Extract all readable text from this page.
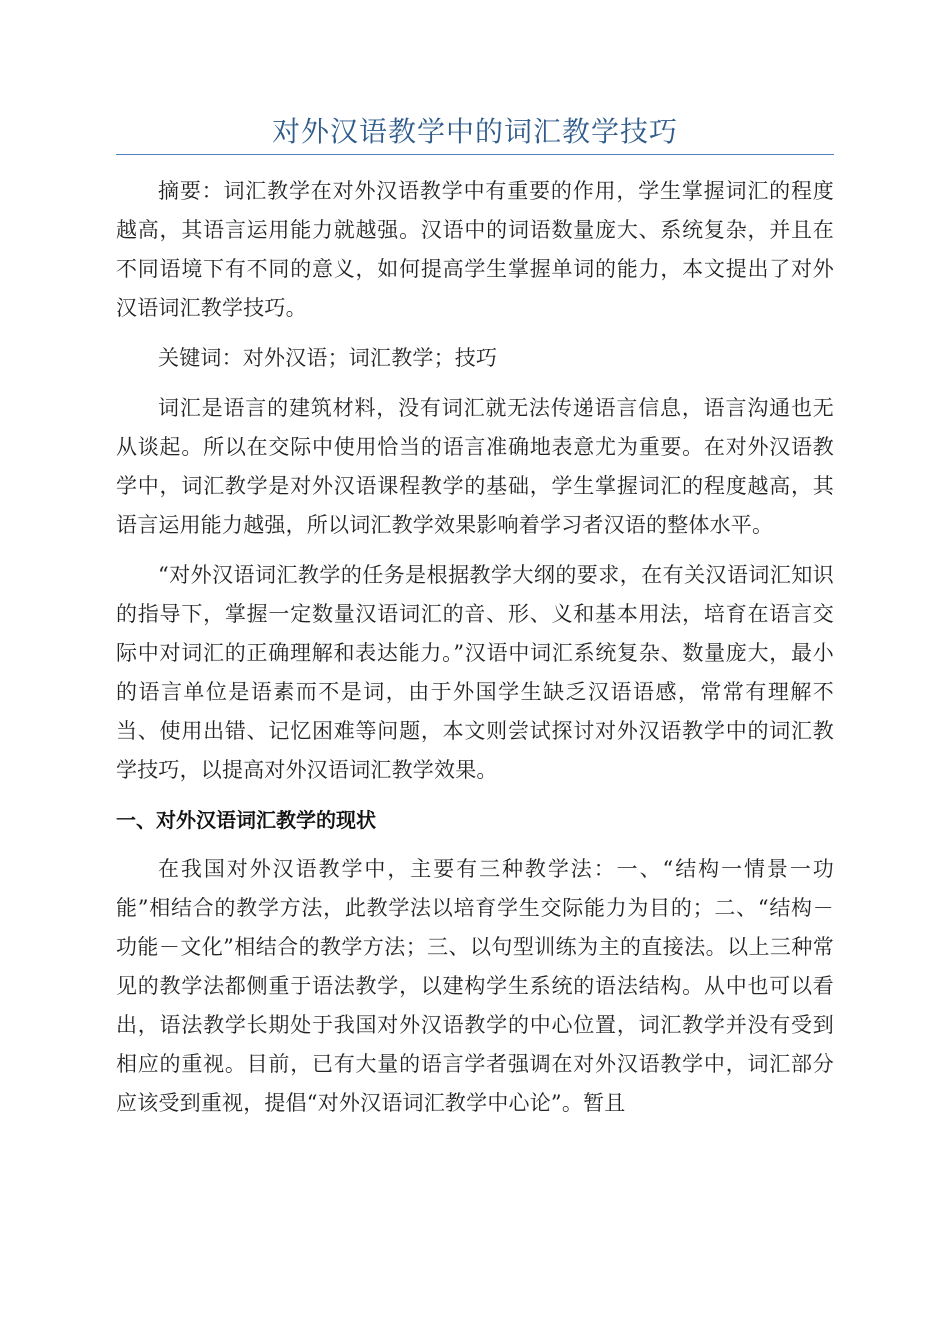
对外汉语教学中的词汇教学技巧

摘要：词汇教学在对外汉语教学中有重要的作用，学生掌握词汇的程度越高，其语言运用能力就越强。汉语中的词语数量庞大、系统复杂，并且在不同语境下有不同的意义，如何提高学生掌握单词的能力，本文提出了对外汉语词汇教学技巧。

关键词：对外汉语；词汇教学；技巧

词汇是语言的建筑材料，没有词汇就无法传递语言信息，语言沟通也无从谈起。所以在交际中使用恰当的语言准确地表意尤为重要。在对外汉语教学中，词汇教学是对外汉语课程教学的基础，学生掌握词汇的程度越高，其语言运用能力越强，所以词汇教学效果影响着学习者汉语的整体水平。

“对外汉语词汇教学的任务是根据教学大纲的要求，在有关汉语词汇知识的指导下，掌握一定数量汉语词汇的音、形、义和基本用法，培育在语言交际中对词汇的正确理解和表达能力。”汉语中词汇系统复杂、数量庞大，最小的语言单位是语素而不是词，由于外国学生缺乏汉语语感，常常有理解不当、使用出错、记忆困难等问题，本文则尝试探讨对外汉语教学中的词汇教学技巧，以提高对外汉语词汇教学效果。

一、对外汉语词汇教学的现状

在我国对外汉语教学中，主要有三种教学法：一、“结构一情景一功能”相结合的教学方法，此教学法以培育学生交际能力为目的；二、“结构－功能－文化”相结合的教学方法；三、以句型训练为主的直接法。以上三种常见的教学法都侧重于语法教学，以建构学生系统的语法结构。从中也可以看出，语法教学长期处于我国对外汉语教学的中心位置，词汇教学并没有受到相应的重视。目前，已有大量的语言学者强调在对外汉语教学中，词汇部分应该受到重视，提倡“对外汉语词汇教学中心论”。暂且
